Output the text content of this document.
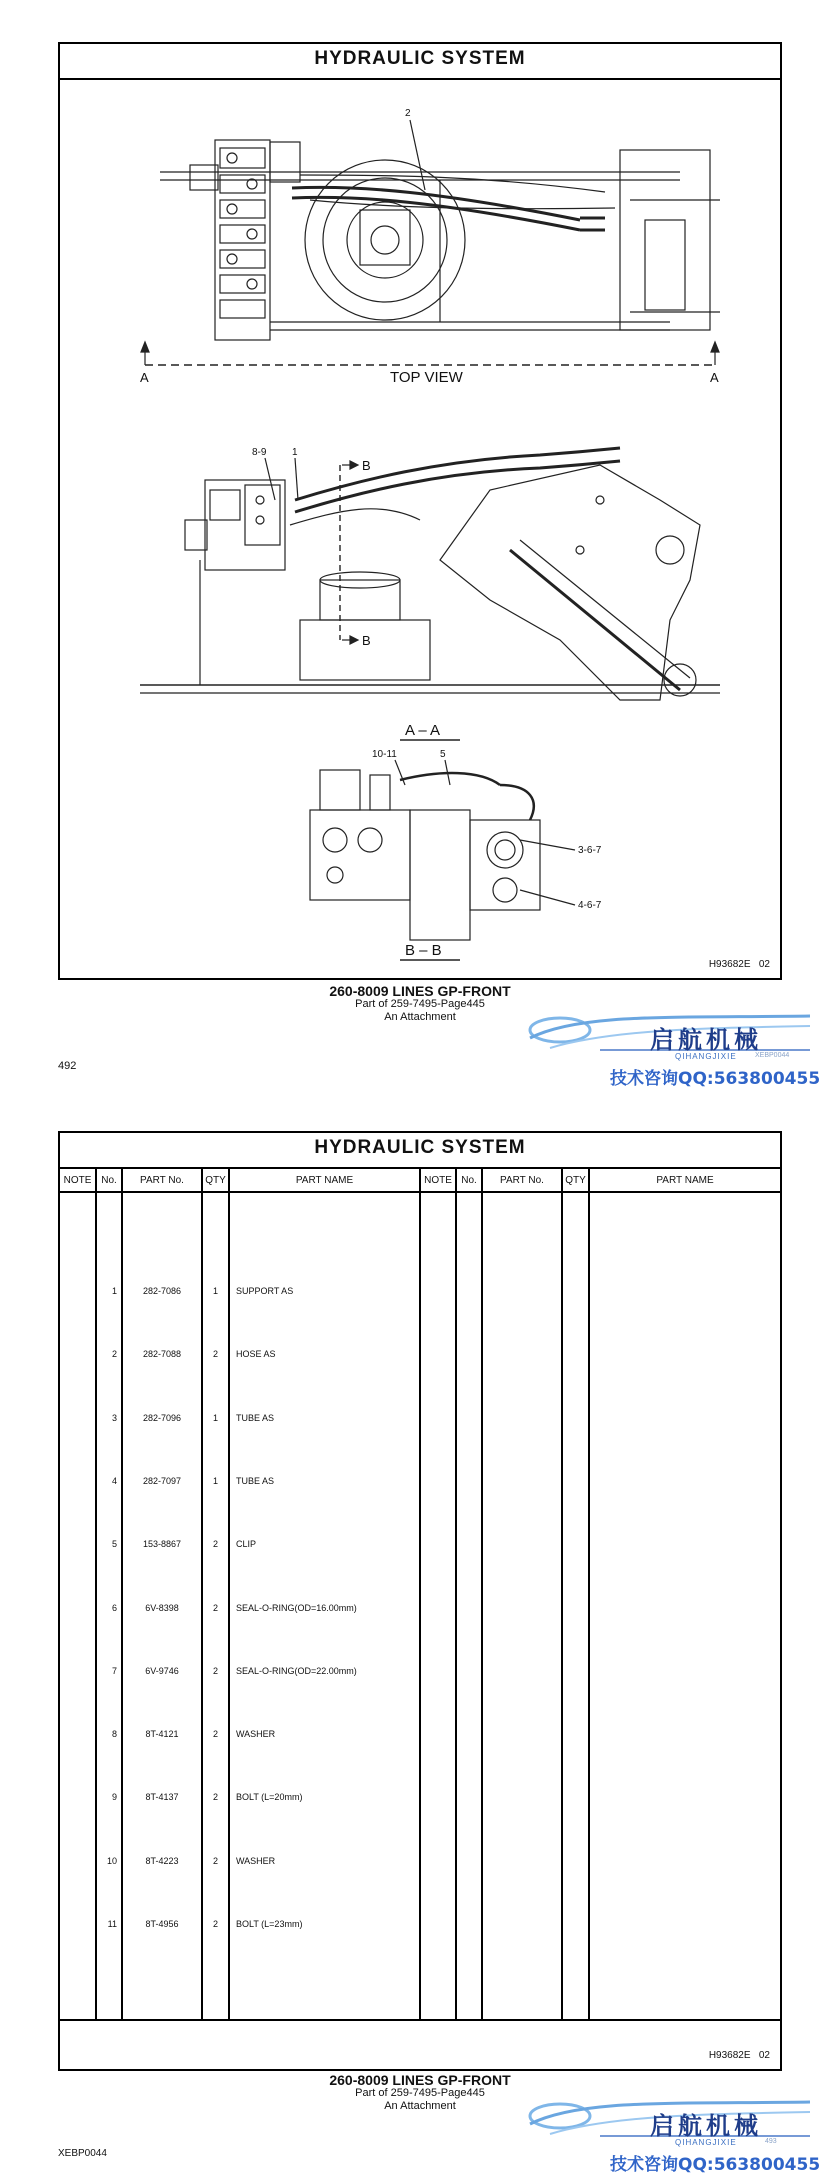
HYDRAULIC SYSTEM
2
8-9	1
10-11	5
3-6-7
4-6-7
A	A
B
B
TOP VIEW
A – A
B – B
H93682E   02
260-8009 LINES GP-FRONT
Part of 259-7495-Page445
An Attachment
492
启航机械
QIHANGJIXIE	XEBP0044
技术咨询QQ:563800455
HYDRAULIC SYSTEM
NOTE	No.	PART No.	QTY	PART NAME	NOTE	No.	PART No.	QTY	PART NAME

	1	282-7086	1	SUPPORT AS					
	2	282-7088	2	HOSE AS					
	3	282-7096	1	TUBE AS					
	4	282-7097	1	TUBE AS					
	5	153-8867	2	CLIP					
	6	6V-8398	2	SEAL-O-RING(OD=16.00mm)					
	7	6V-9746	2	SEAL-O-RING(OD=22.00mm)					
	8	8T-4121	2	WASHER					
	9	8T-4137	2	BOLT (L=20mm)					
	10	8T-4223	2	WASHER					
	11	8T-4956	2	BOLT (L=23mm)					

H93682E   02
260-8009 LINES GP-FRONT
Part of 259-7495-Page445
An Attachment
XEBP0044
启航机械
QIHANGJIXIE	493
技术咨询QQ:563800455
